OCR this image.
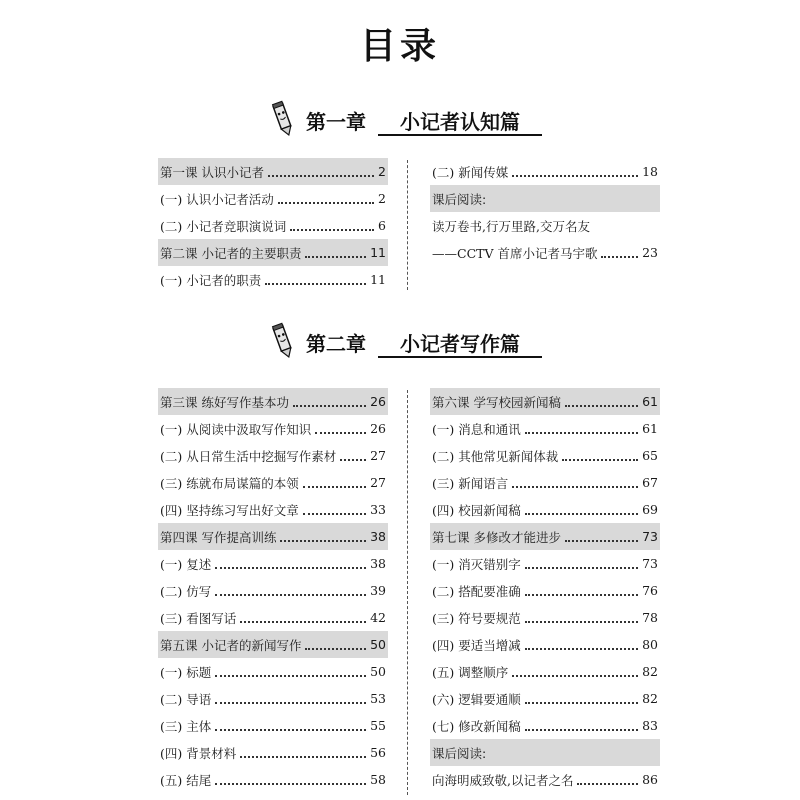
目录
第一章 小记者认知篇
第一课 认识小记者	2
(一) 认识小记者活动	2
(二) 小记者竞职演说词	6
第二课 小记者的主要职责	11
(一) 小记者的职责	11
(二) 新闻传媒	18
课后阅读:
读万卷书,行万里路,交万名友
——CCTV 首席小记者马宇歌	23
第二章 小记者写作篇
第三课 练好写作基本功	26
(一) 从阅读中汲取写作知识	26
(二) 从日常生活中挖掘写作素材	27
(三) 练就布局谋篇的本领	27
(四) 坚持练习写出好文章	33
第四课 写作提高训练	38
(一) 复述	38
(二) 仿写	39
(三) 看图写话	42
第五课 小记者的新闻写作	50
(一) 标题	50
(二) 导语	53
(三) 主体	55
(四) 背景材料	56
(五) 结尾	58
第六课 学写校园新闻稿	61
(一) 消息和通讯	61
(二) 其他常见新闻体裁	65
(三) 新闻语言	67
(四) 校园新闻稿	69
第七课 多修改才能进步	73
(一) 消灭错别字	73
(二) 搭配要准确	76
(三) 符号要规范	78
(四) 要适当增减	80
(五) 调整顺序	82
(六) 逻辑要通顺	82
(七) 修改新闻稿	83
课后阅读:
向海明威致敬,以记者之名	86
